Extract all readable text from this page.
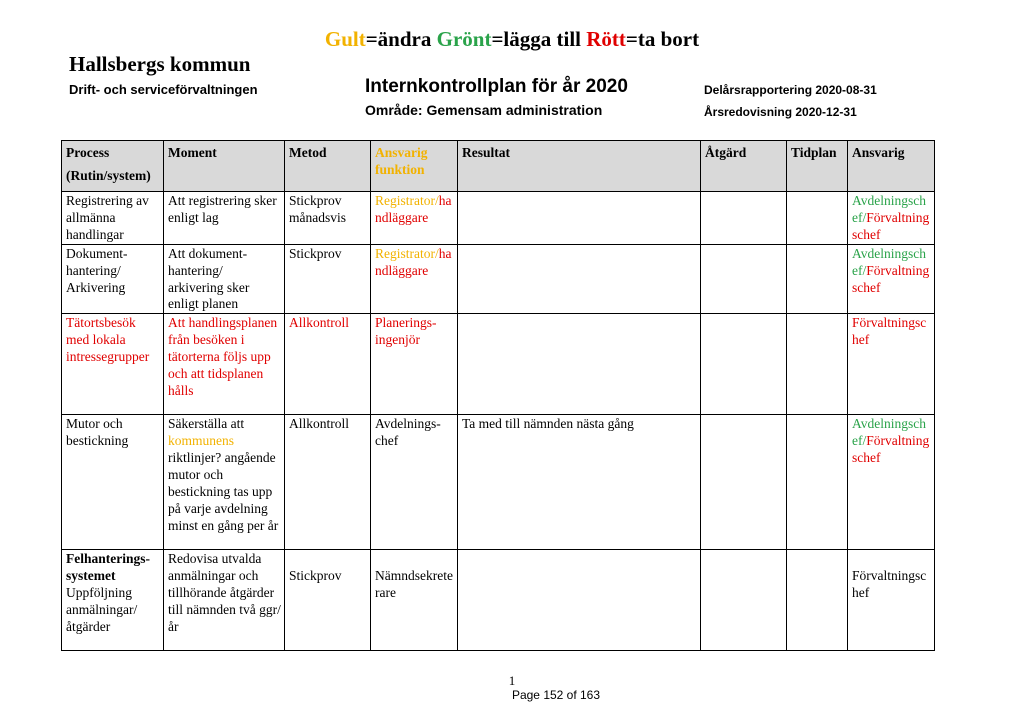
Gult=ändra Grönt=lägga till Rött=ta bort
Hallsbergs kommun
Drift- och serviceförvaltningen	Internkontrollplan för år 2020
Område: Gemensam administration
Delårsrapportering 2020-08-31
Årsredovisning 2020-12-31
Process
(Rutin/system)	Moment	Metod	Ansvarig funktion	Resultat	Åtgärd	Tidplan	Ansvarig
Registrering av allmänna handlingar	Att registrering sker enligt lag	Stickprov månadsvis	Registrator/handläggare				Avdelningschef/Förvaltningschef
Dokument-hantering/ Arkivering	Att dokument-hantering/ arkivering sker enligt planen	Stickprov	Registrator/handläggare				Avdelningschef/Förvaltningschef
Tätortsbesök med lokala intressegrupper	Att handlingsplanen från besöken i tätorterna följs upp och att tidsplanen hålls	Allkontroll	Planerings-ingenjör				Förvaltningschef
Mutor och bestickning	Säkerställa att kommunens riktlinjer? angående mutor och bestickning tas upp på varje avdelning minst en gång per år	Allkontroll	Avdelnings-chef	Ta med till nämnden nästa gång			Avdelningschef/Förvaltningschef
Felhanterings-systemet
Uppföljning anmälningar/ åtgärder	Redovisa utvalda anmälningar och tillhörande åtgärder till nämnden två ggr/år	Stickprov	Nämndsekreterare				Förvaltningschef
1
Page 152 of 163
